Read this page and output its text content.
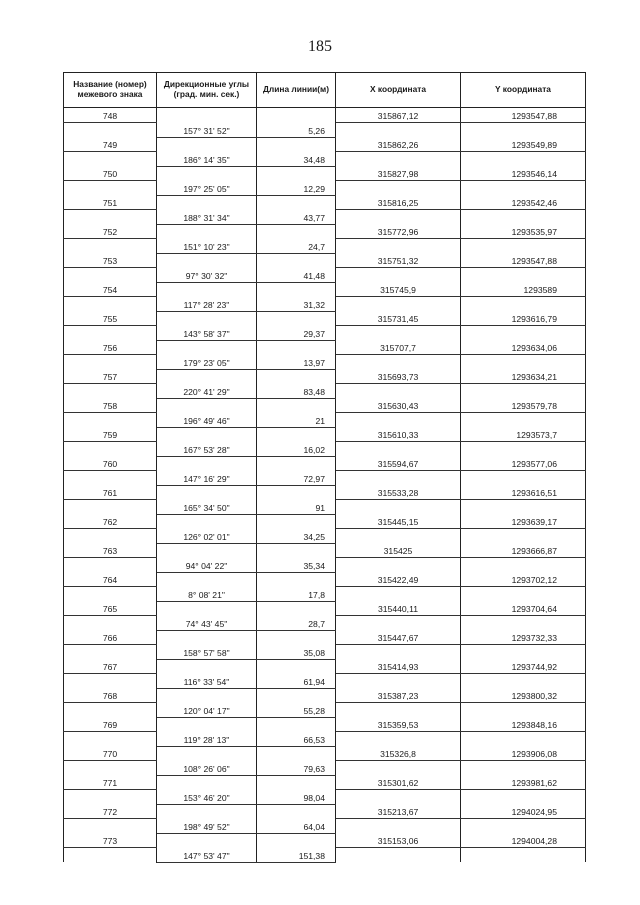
185
Название (номер) межевого знака	Дирекционные углы (град. мин. сек.)	Длина линии(м)	X координата	Y координата
748			315867,12	1293547,88
	157° 31' 52"	5,26		
749			315862,26	1293549,89
	186° 14' 35"	34,48		
750			315827,98	1293546,14
	197° 25' 05"	12,29		
751			315816,25	1293542,46
	188° 31' 34"	43,77		
752			315772,96	1293535,97
	151° 10' 23"	24,7		
753			315751,32	1293547,88
	97° 30' 32"	41,48		
754			315745,9	1293589
	117° 28' 23"	31,32		
755			315731,45	1293616,79
	143° 58' 37"	29,37		
756			315707,7	1293634,06
	179° 23' 05"	13,97		
757			315693,73	1293634,21
	220° 41' 29"	83,48		
758			315630,43	1293579,78
	196° 49' 46"	21		
759			315610,33	1293573,7
	167° 53' 28"	16,02		
760			315594,67	1293577,06
	147° 16' 29"	72,97		
761			315533,28	1293616,51
	165° 34' 50"	91		
762			315445,15	1293639,17
	126° 02' 01"	34,25		
763			315425	1293666,87
	94° 04' 22"	35,34		
764			315422,49	1293702,12
	8° 08' 21"	17,8		
765			315440,11	1293704,64
	74° 43' 45"	28,7		
766			315447,67	1293732,33
	158° 57' 58"	35,08		
767			315414,93	1293744,92
	116° 33' 54"	61,94		
768			315387,23	1293800,32
	120° 04' 17"	55,28		
769			315359,53	1293848,16
	119° 28' 13"	66,53		
770			315326,8	1293906,08
	108° 26' 06"	79,63		
771			315301,62	1293981,62
	153° 46' 20"	98,04		
772			315213,67	1294024,95
	198° 49' 52"	64,04		
773			315153,06	1294004,28
	147° 53' 47"	151,38		
